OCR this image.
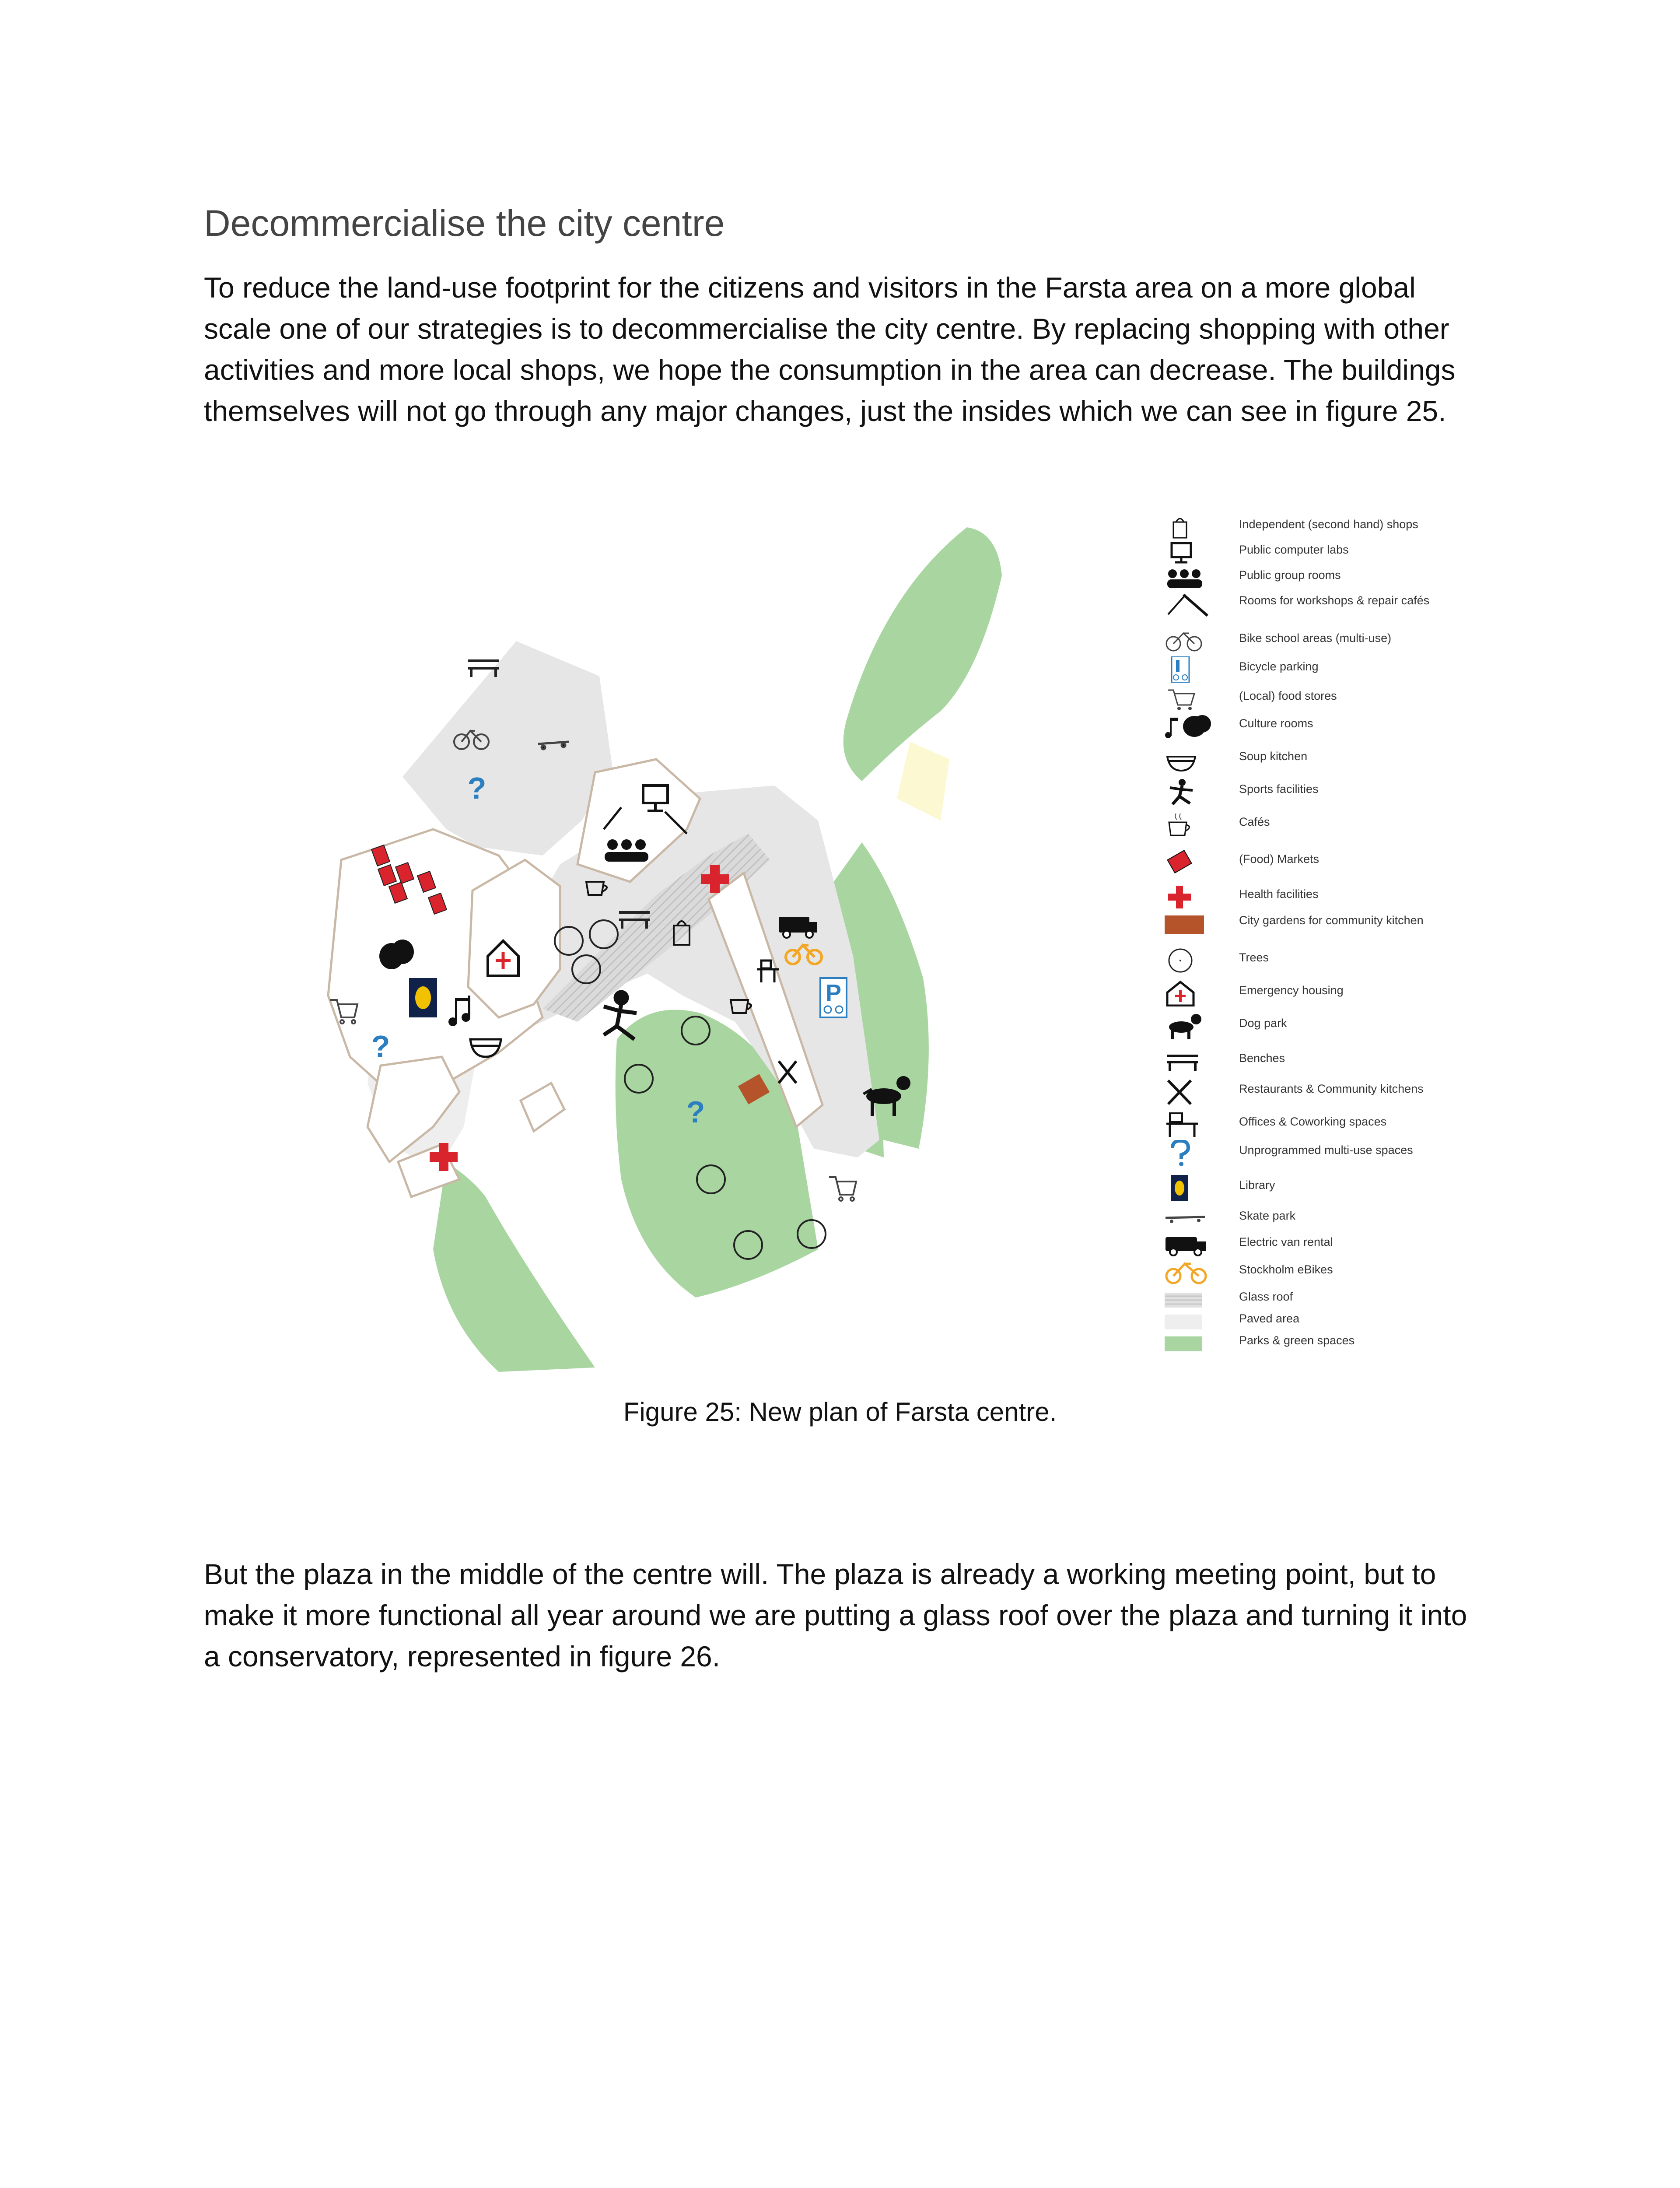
Decommercialise the city centre

To reduce the land-use footprint for the citizens and visitors in the Farsta area on a more global scale one of our strategies is to decommercialise the city centre. By replacing shopping with other activities and more local shops, we hope the consumption in the area can decrease. The buildings themselves will not go through any major changes, just the insides which we can see in figure 25.

?
?
?
P
Independent (second hand) shops
Public computer labs
Public group rooms
Rooms for workshops & repair cafés
Bike school areas (multi-use)
Bicycle parking
(Local) food stores
Culture rooms
Soup kitchen
Sports facilities
Cafés
(Food) Markets
Health facilities
City gardens for community kitchen
Trees
Emergency housing
Dog park
Benches
Restaurants & Community kitchens
Offices & Coworking spaces
Unprogrammed multi-use spaces
Library
Skate park
Electric van rental
Stockholm eBikes
Glass roof
Paved area
Parks & green spaces
Figure 25: New plan of Farsta centre.

But the plaza in the middle of the centre will. The plaza is already a working meeting point, but to make it more functional all year around we are putting a glass roof over the plaza and turning it into a conservatory, represented in figure 26.
